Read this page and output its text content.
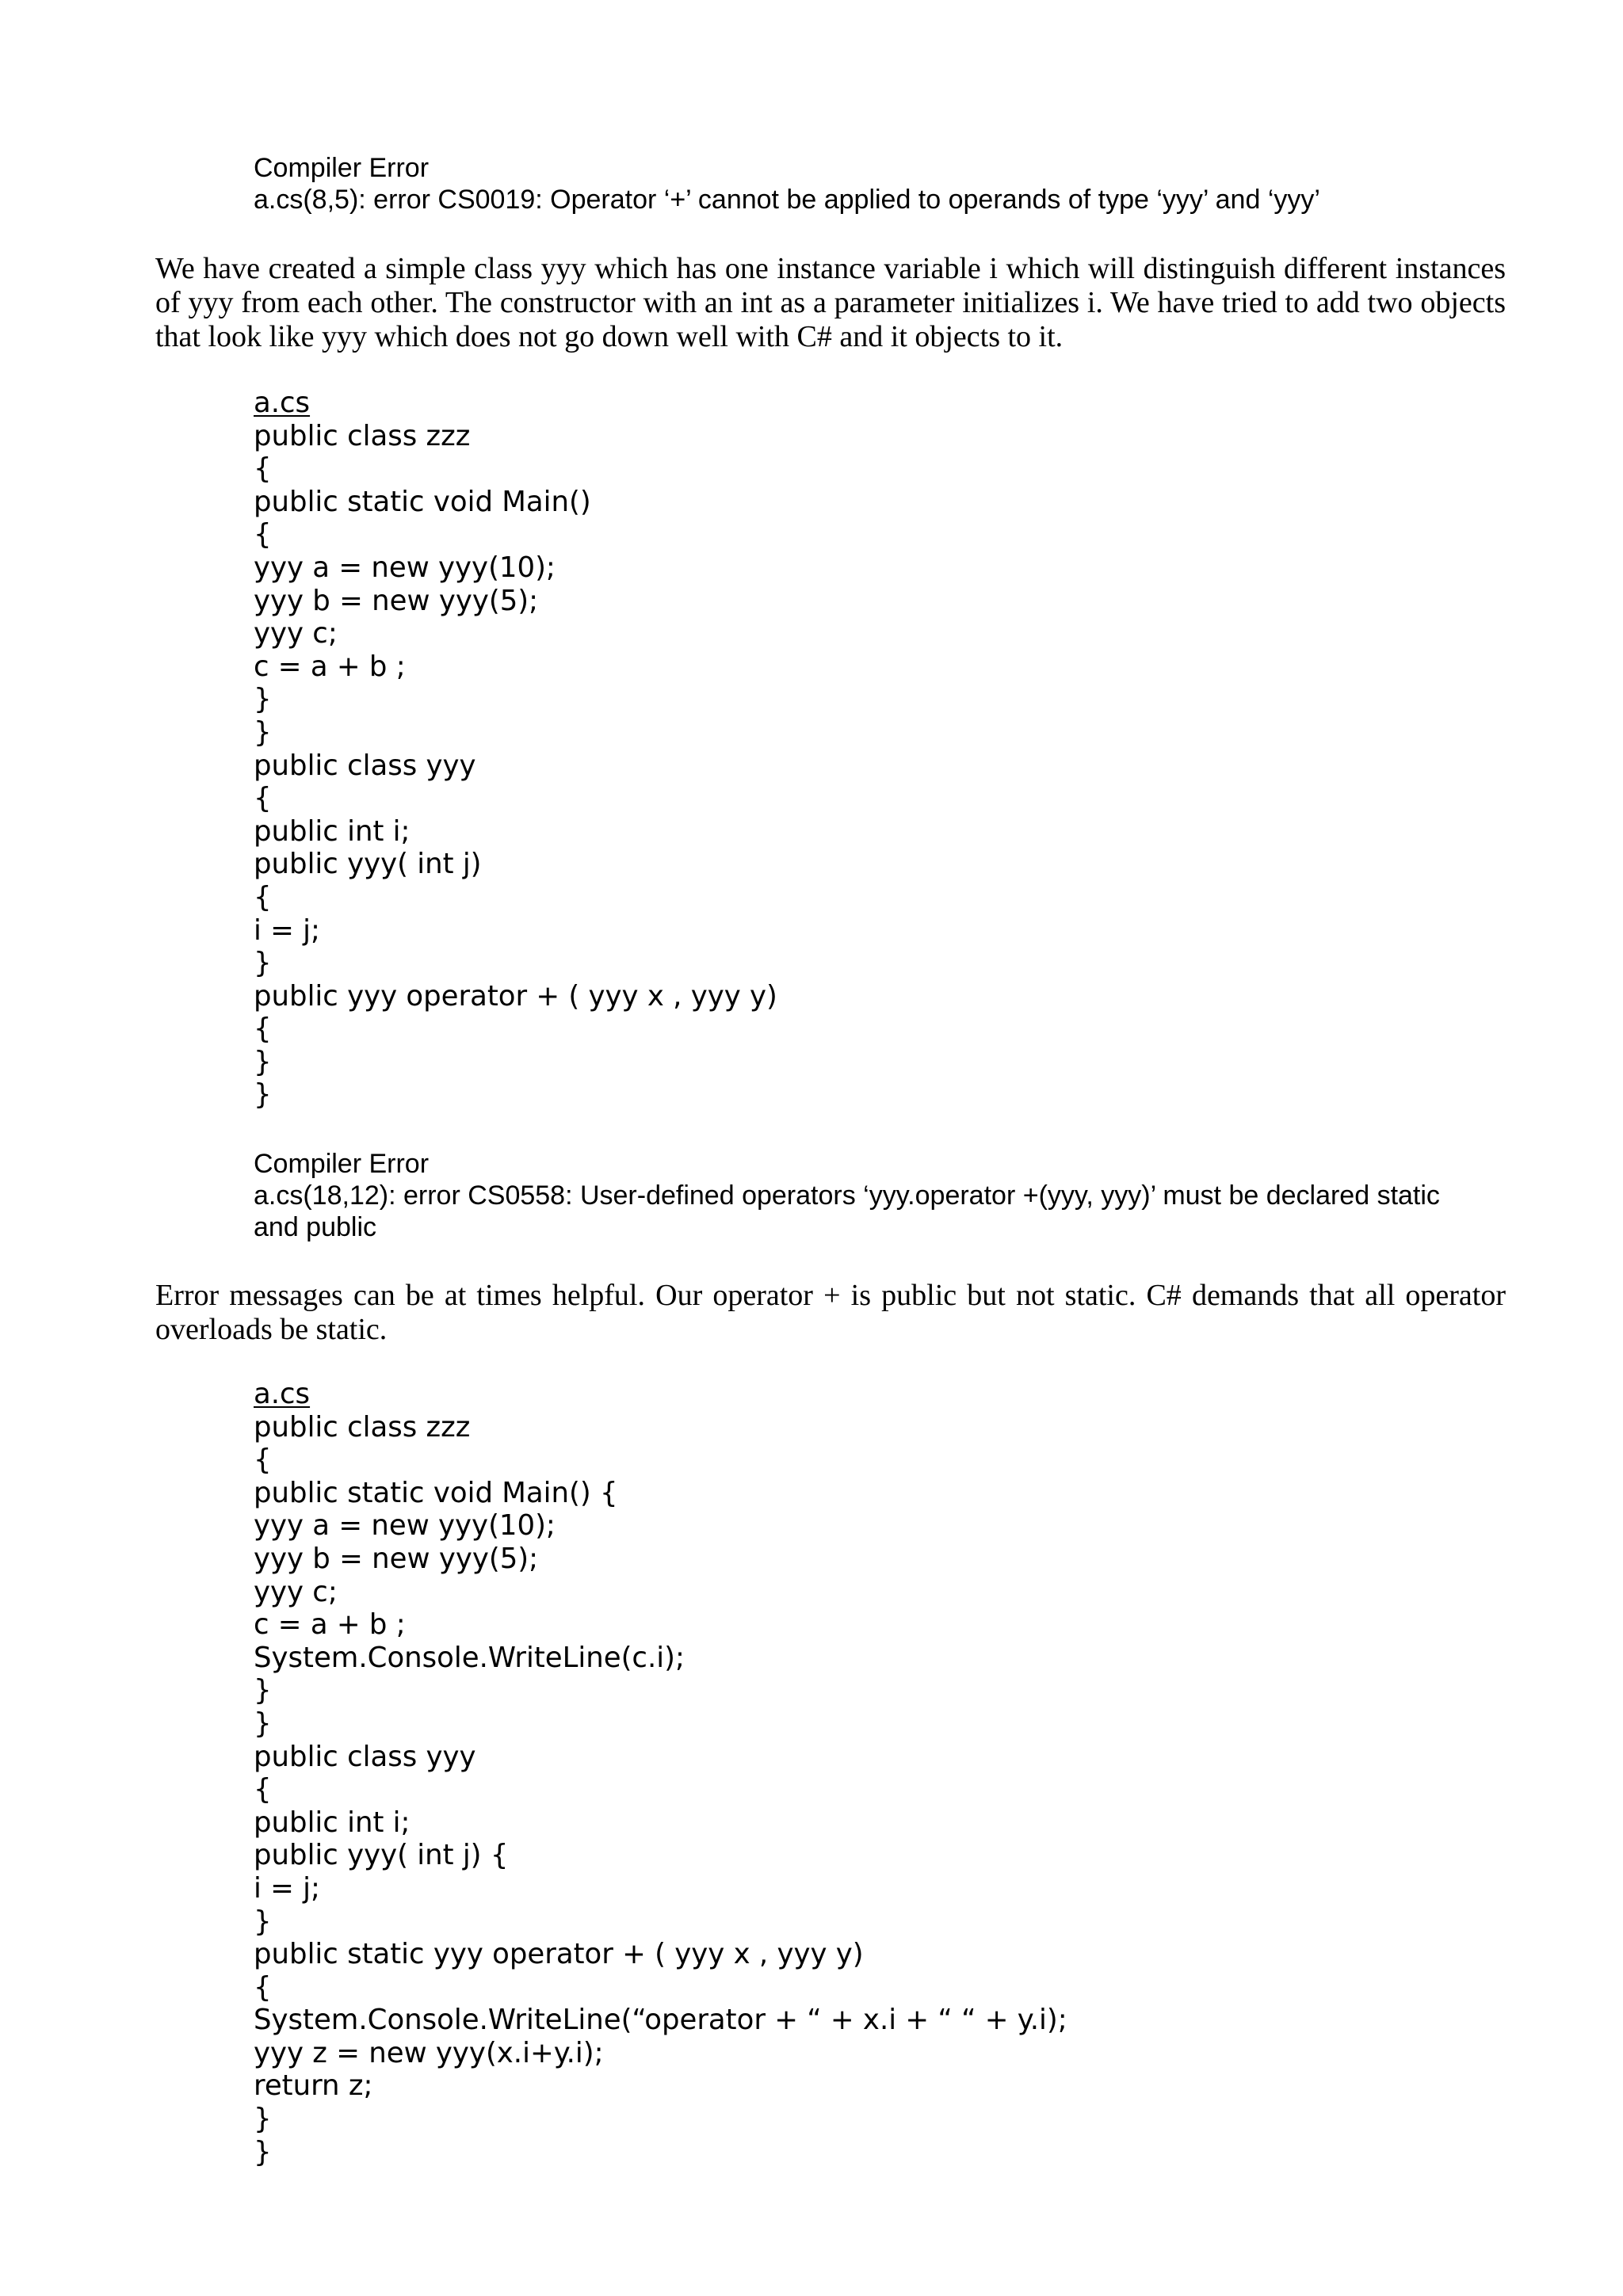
Compiler Error
a.cs(8,5): error CS0019: Operator ‘+’ cannot be applied to operands of type ‘yyy’ and ‘yyy’

We have created a simple class yyy which has one instance variable i which will distinguish different instances of yyy from each other. The constructor with an int as a parameter initializes i. We have tried to add two objects that look like yyy which does not go down well with C# and it objects to it.

a.cs
public class zzz
{
public static void Main()
{
yyy a = new yyy(10);
yyy b = new yyy(5);
yyy c;
c = a + b ;
}
}
public class yyy
{
public int i;
public yyy( int j)
{
i = j;
}
public yyy operator + ( yyy x , yyy y)
{
}
}
Compiler Error
a.cs(18,12): error CS0558: User-defined operators ‘yyy.operator +(yyy, yyy)’ must be declared static
and public

Error messages can be at times helpful. Our operator + is public but not static. C# demands that all operator overloads be static.

a.cs
public class zzz
{
public static void Main() {
yyy a = new yyy(10);
yyy b = new yyy(5);
yyy c;
c = a + b ;
System.Console.WriteLine(c.i);
}
}
public class yyy
{
public int i;
public yyy( int j) {
i = j;
}
public static yyy operator + ( yyy x , yyy y)
{
System.Console.WriteLine(“operator + “ + x.i + “ “ + y.i);
yyy z = new yyy(x.i+y.i);
return z;
}
}
